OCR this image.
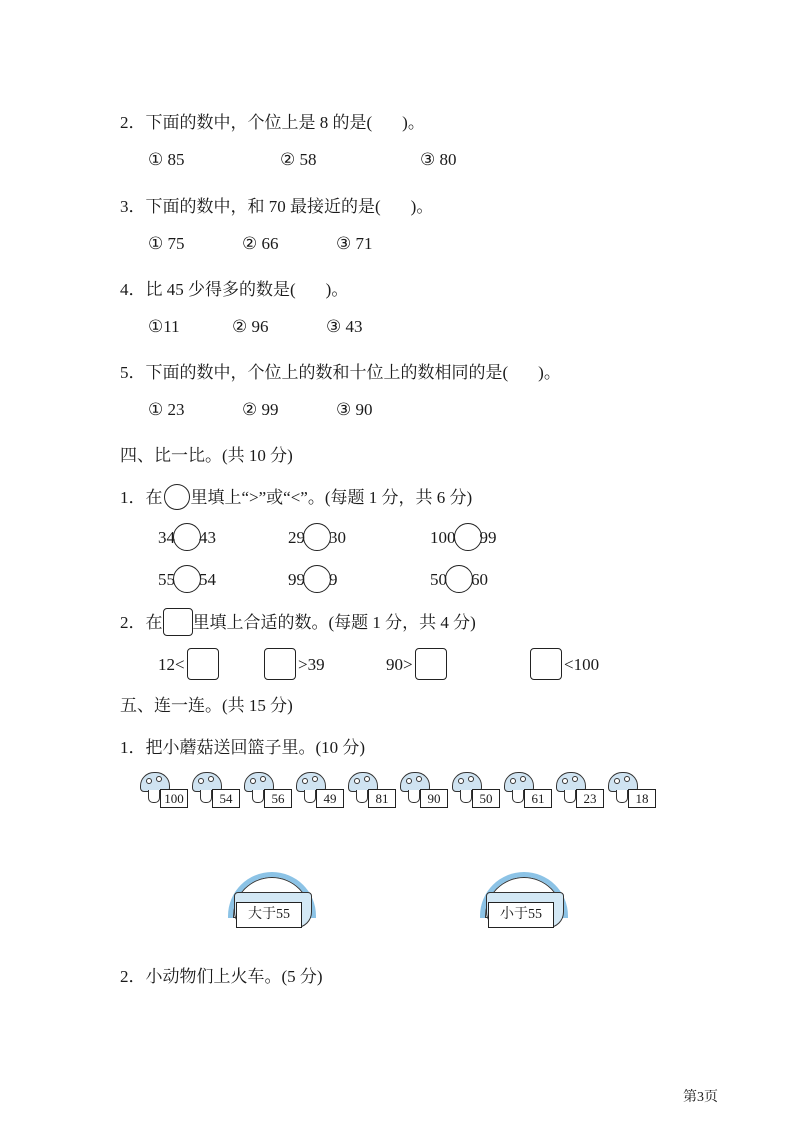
2．下面的数中，个位上是 8 的是( )。
① 85	② 58	③ 80
3．下面的数中，和 70 最接近的是( )。
① 75	② 66	③ 71
4．比 45 少得多的数是( )。
①11	② 96	③ 43
5．下面的数中，个位上的数和十位上的数相同的是( )。
① 23	② 99	③ 90
四、比一比。(共 10 分)
1．在 里填上“>”或“<”。(每题 1 分，共 6 分)
34 43	29 30	100 99
55 54	99 9	50 60
2．在 里填上合适的数。(每题 1 分，共 4 分)
12<	>39	90>	<100
五、连一连。(共 15 分)
1．把小蘑菇送回篮子里。(10 分)
100	54	56	49	81	90	50	61	23	18
大于55	小于55
2．小动物们上火车。(5 分)
第3页
